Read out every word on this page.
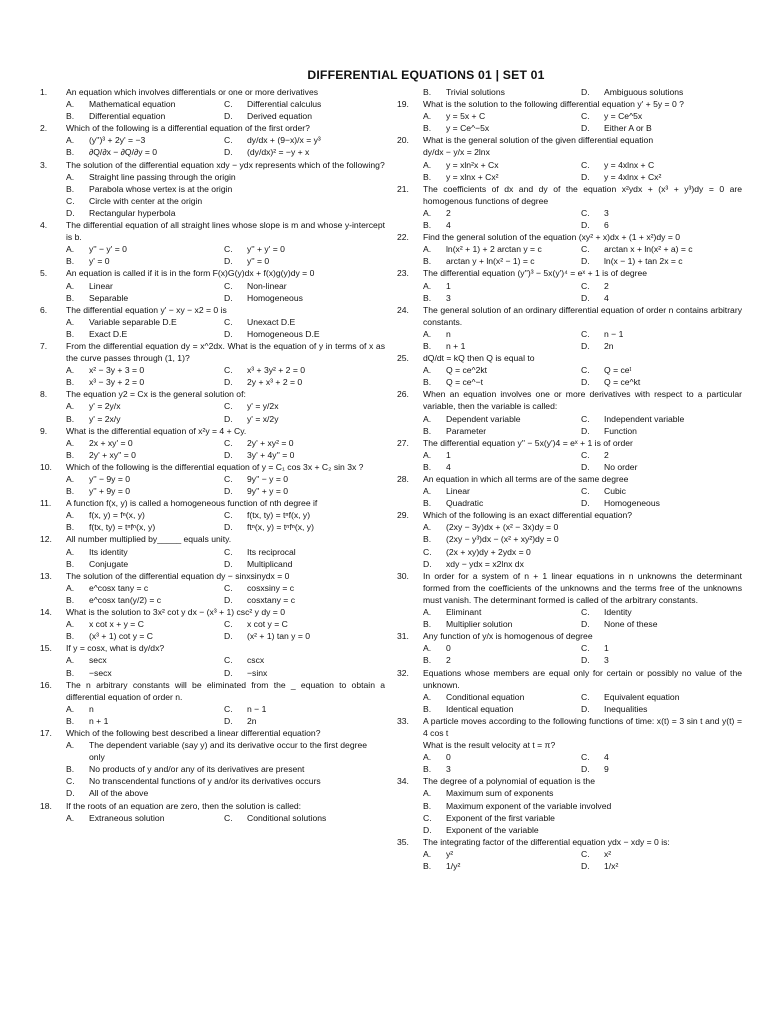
DIFFERENTIAL EQUATIONS 01 | SET 01
1.	An equation which involves differentials or one or more derivatives
A.	Mathematical equation	C.	Differential calculus
B.	Differential equation	D.	Derived equation
2.	Which of the following is a differential equation of the first order?
A.	(y'')³ + 2y' = −3	C.	dy/dx + (9−x)/x = y³
B.	∂Q/∂x − ∂Q/∂y = 0	D.	(dy/dx)² = −y + x
3.	The solution of the differential equation xdy − ydx represents which of the following?
A.	Straight line passing through the origin
B.	Parabola whose vertex is at the origin
C.	Circle with center at the origin
D.	Rectangular hyperbola
4.	The differential equation of all straight lines whose slope is m and whose y-intercept is b.
A.	y'' − y' = 0	C.	y'' + y' = 0
B.	y' = 0	D.	y'' = 0
5.	An equation is called if it is in the form F(x)G(y)dx + f(x)g(y)dy = 0
A.	Linear	C.	Non-linear
B.	Separable	D.	Homogeneous
6.	The differential equation y' − xy − x2 = 0 is
A.	Variable separable D.E	C.	Unexact D.E
B.	Exact D.E	D.	Homogeneous D.E
7.	From the differential equation dy = x^2dx. What is the equation of y in terms of x as the curve passes through (1, 1)?
A.	x² − 3y + 3 = 0	C.	x³ + 3y² + 2 = 0
B.	x³ − 3y + 2 = 0	D.	2y + x³ + 2 = 0
8.	The equation y2 = Cx is the general solution of:
A.	y' = 2y/x	C.	y' = y/2x
B.	y' = 2x/y	D.	y' = x/2y
9.	What is the differential equation of x²y = 4 + Cy.
A.	2x + xy' = 0	C.	2y' + xy² = 0
B.	2y' + xy'' = 0	D.	3y' + 4y'' = 0
10.	Which of the following is the differential equation of y = C₁ cos 3x + C₂ sin 3x ?
A.	y'' − 9y = 0	C.	9y'' − y = 0
B.	y'' + 9y = 0	D.	9y'' + y = 0
11.	A function f(x, y) is called a homogeneous function of nth degree if
A.	f(x, y) = fⁿ(x, y)	C.	f(tx, ty) = tⁿf(x, y)
B.	f(tx, ty) = tⁿfⁿ(x, y)	D.	ftⁿ(x, y) = tⁿfⁿ(x, y)
12.	All number multiplied by_____ equals unity.
A.	Its identity	C.	Its reciprocal
B.	Conjugate	D.	Multiplicand
13.	The solution of the differential equation dy − sinxsinydx = 0
A.	e^cosx tany = c	C.	cosxsiny = c
B.	e^cosx tan(y/2) = c	D.	cosxtany = c
14.	What is the solution to 3x² cot y dx − (x³ + 1) csc² y dy = 0
A.	x cot x + y = C	C.	x cot y = C
B.	(x³ + 1) cot y = C	D.	(x² + 1) tan y = 0
15.	If y = cosx, what is dy/dx?
A.	secx	C.	cscx
B.	−secx	D.	−sinx
16.	The n arbitrary constants will be eliminated from the _ equation to obtain a differential equation of order n.
A.	n	C.	n − 1
B.	n + 1	D.	2n
17.	Which of the following best described a linear differential equation?
A.	The dependent variable (say y) and its derivative occur to the first degree only
B.	No products of y and/or any of its derivatives are present
C.	No transcendental functions of y and/or its derivatives occurs
D.	All of the above
18.	If the roots of an equation are zero, then the solution is called:
A.	Extraneous solution	C.	Conditional solutions
B.	Trivial solutions	D.	Ambiguous solutions
19.	What is the solution to the following differential equation y' + 5y = 0 ?
A.	y = 5x + C	C.	y = Ce^5x
B.	y = Ce^−5x	D.	Either A or B
20.	What is the general solution of the given differential equation
dy/dx − y/x = 2lnx
A.	y = xln²x + Cx	C.	y = 4xlnx + C
B.	y = xlnx + Cx²	D.	y = 4xlnx + Cx²
21.	The coefficients of dx and dy of the equation x²ydx + (x³ + y³)dy = 0 are homogenous functions of degree
A.	2	C.	3
B.	4	D.	6
22.	Find the general solution of the equation (xy² + x)dx + (1 + x²)dy = 0
A.	ln(x² + 1) + 2 arctan y = c	C.	arctan x + ln(x² + a) = c
B.	arctan y + ln(x² − 1) = c	D.	ln(x − 1) + tan 2x = c
23.	The differential equation (y'')³ − 5x(y')⁴ = eˣ + 1 is of degree
A.	1	C.	2
B.	3	D.	4
24.	The general solution of an ordinary differential equation of order n contains arbitrary constants.
A.	n	C.	n − 1
B.	n + 1	D.	2n
25.	dQ/dt = kQ then Q is equal to
A.	Q = ce^2kt	C.	Q = ceᵗ
B.	Q = ce^−t	D.	Q = ce^kt
26.	When an equation involves one or more derivatives with respect to a particular variable, then the variable is called:
A.	Dependent variable	C.	Independent variable
B.	Parameter	D.	Function
27.	The differential equation y'' − 5x(y')4 = eˣ + 1 is of order
A.	1	C.	2
B.	4	D.	No order
28.	An equation in which all terms are of the same degree
A.	Linear	C.	Cubic
B.	Quadratic	D.	Homogeneous
29.	Which of the following is an exact differential equation?
A.	(2xy − 3y)dx + (x² − 3x)dy = 0
B.	(2xy − y³)dx − (x² + xy²)dy = 0
C.	(2x + xy)dy + 2ydx = 0
D.	xdy − ydx = x2lnx dx
30.	In order for a system of n + 1 linear equations in n unknowns the determinant formed from the coefficients of the unknowns and the terms free of the unknowns must vanish. The determinant formed is called of the arbitrary constants.
A.	Eliminant	C.	Identity
B.	Multiplier solution	D.	None of these
31.	Any function of y/x is homogenous of degree
A.	0	C.	1
B.	2	D.	3
32.	Equations whose members are equal only for certain or possibly no value of the unknown.
A.	Conditional equation	C.	Equivalent equation
B.	Identical equation	D.	Inequalities
33.	A particle moves according to the following functions of time: x(t) = 3 sin t and y(t) = 4 cos t
What is the result velocity at t = π?
A.	0	C.	4
B.	3	D.	9
34.	The degree of a polynomial of equation is the
A.	Maximum sum of exponents
B.	Maximum exponent of the variable involved
C.	Exponent of the first variable
D.	Exponent of the variable
35.	The integrating factor of the differential equation ydx − xdy = 0 is:
A.	y²	C.	x²
B.	1/y²	D.	1/x²
